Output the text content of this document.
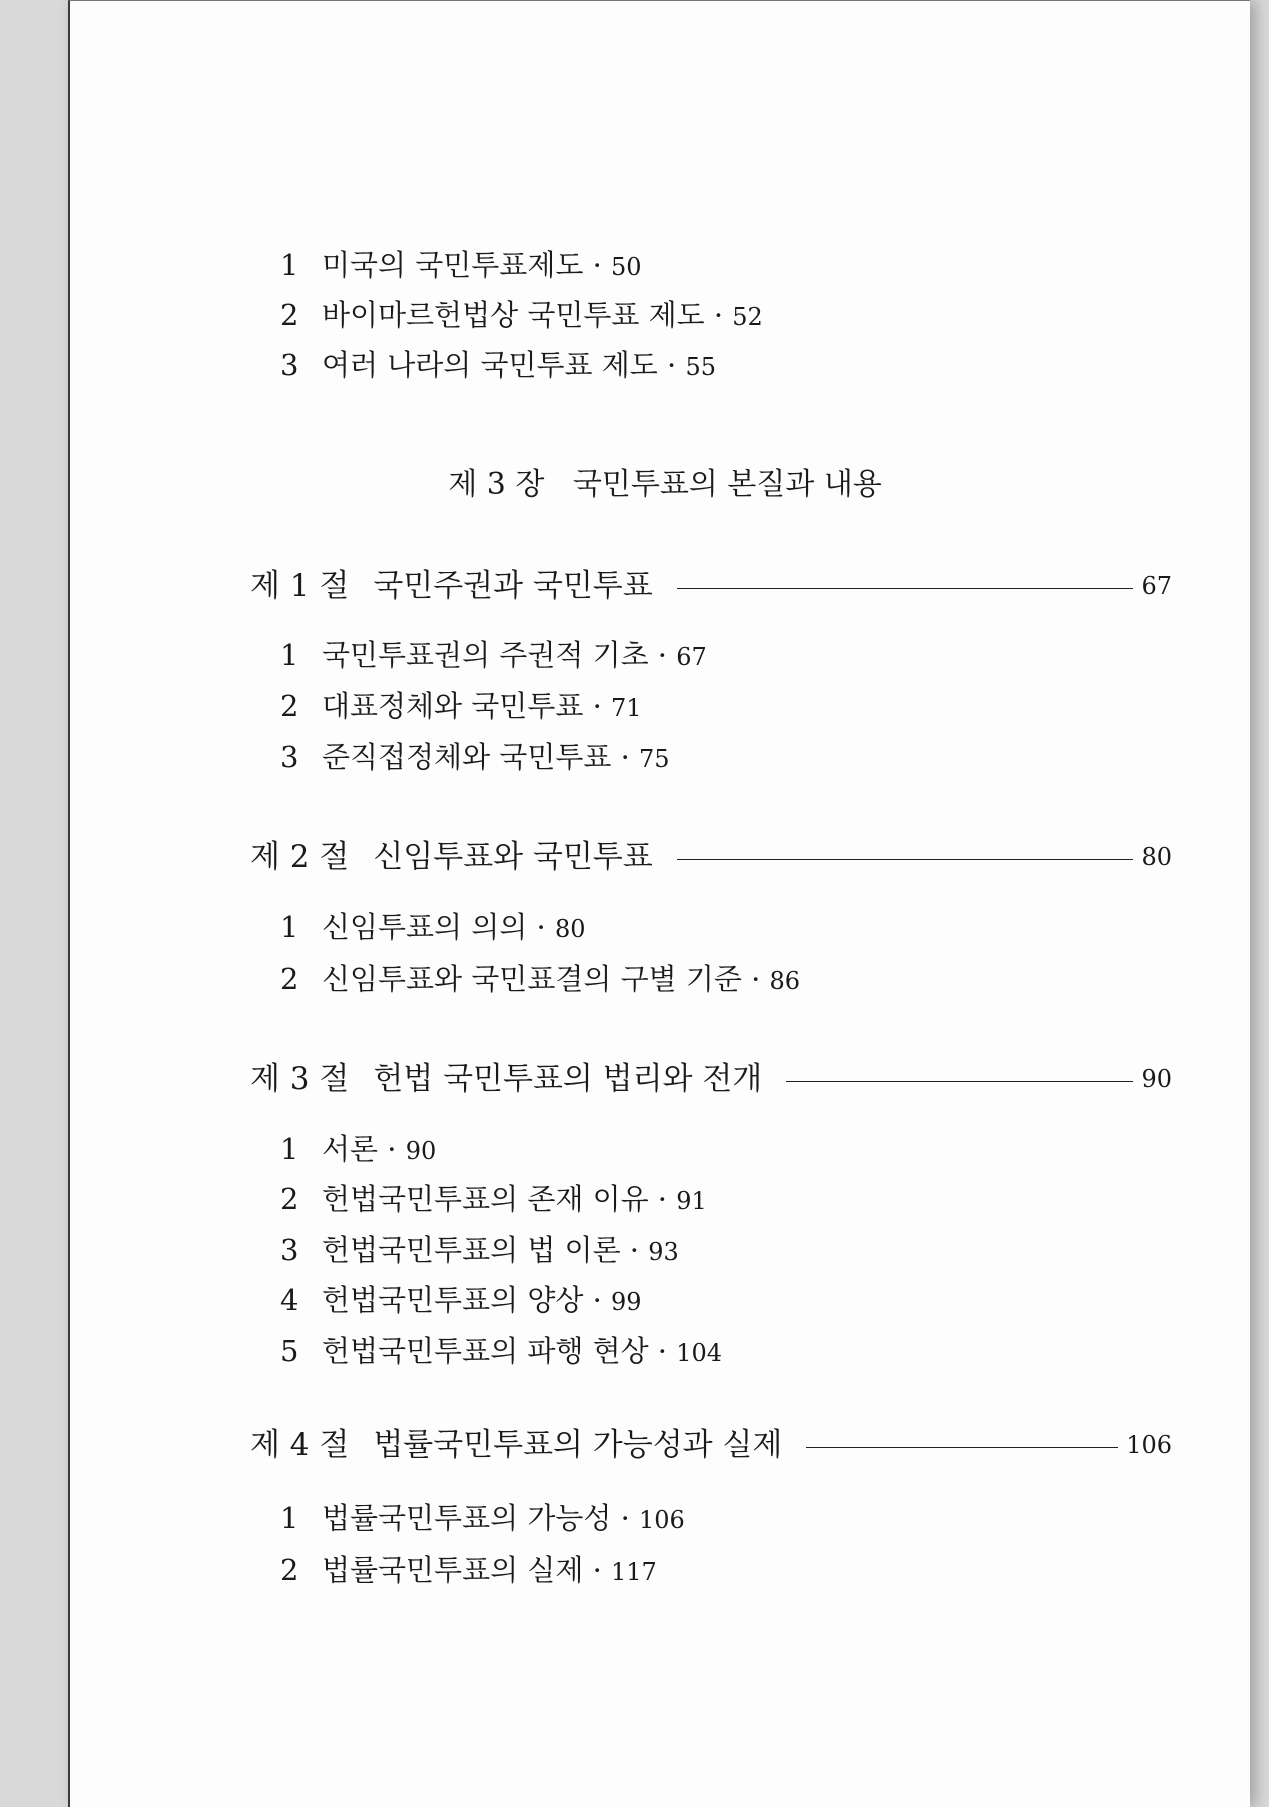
1 미국의 국민투표제도 · 50
2 바이마르헌법상 국민투표 제도 · 52
3 여러 나라의 국민투표 제도 · 55
제 3 장 국민투표의 본질과 내용
제 1 절 국민주권과 국민투표	67
1 국민투표권의 주권적 기초 · 67
2 대표정체와 국민투표 · 71
3 준직접정체와 국민투표 · 75
제 2 절 신임투표와 국민투표	80
1 신임투표의 의의 · 80
2 신임투표와 국민표결의 구별 기준 · 86
제 3 절 헌법 국민투표의 법리와 전개	90
1 서론 · 90
2 헌법국민투표의 존재 이유 · 91
3 헌법국민투표의 법 이론 · 93
4 헌법국민투표의 양상 · 99
5 헌법국민투표의 파행 현상 · 104
제 4 절 법률국민투표의 가능성과 실제	106
1 법률국민투표의 가능성 · 106
2 법률국민투표의 실제 · 117
